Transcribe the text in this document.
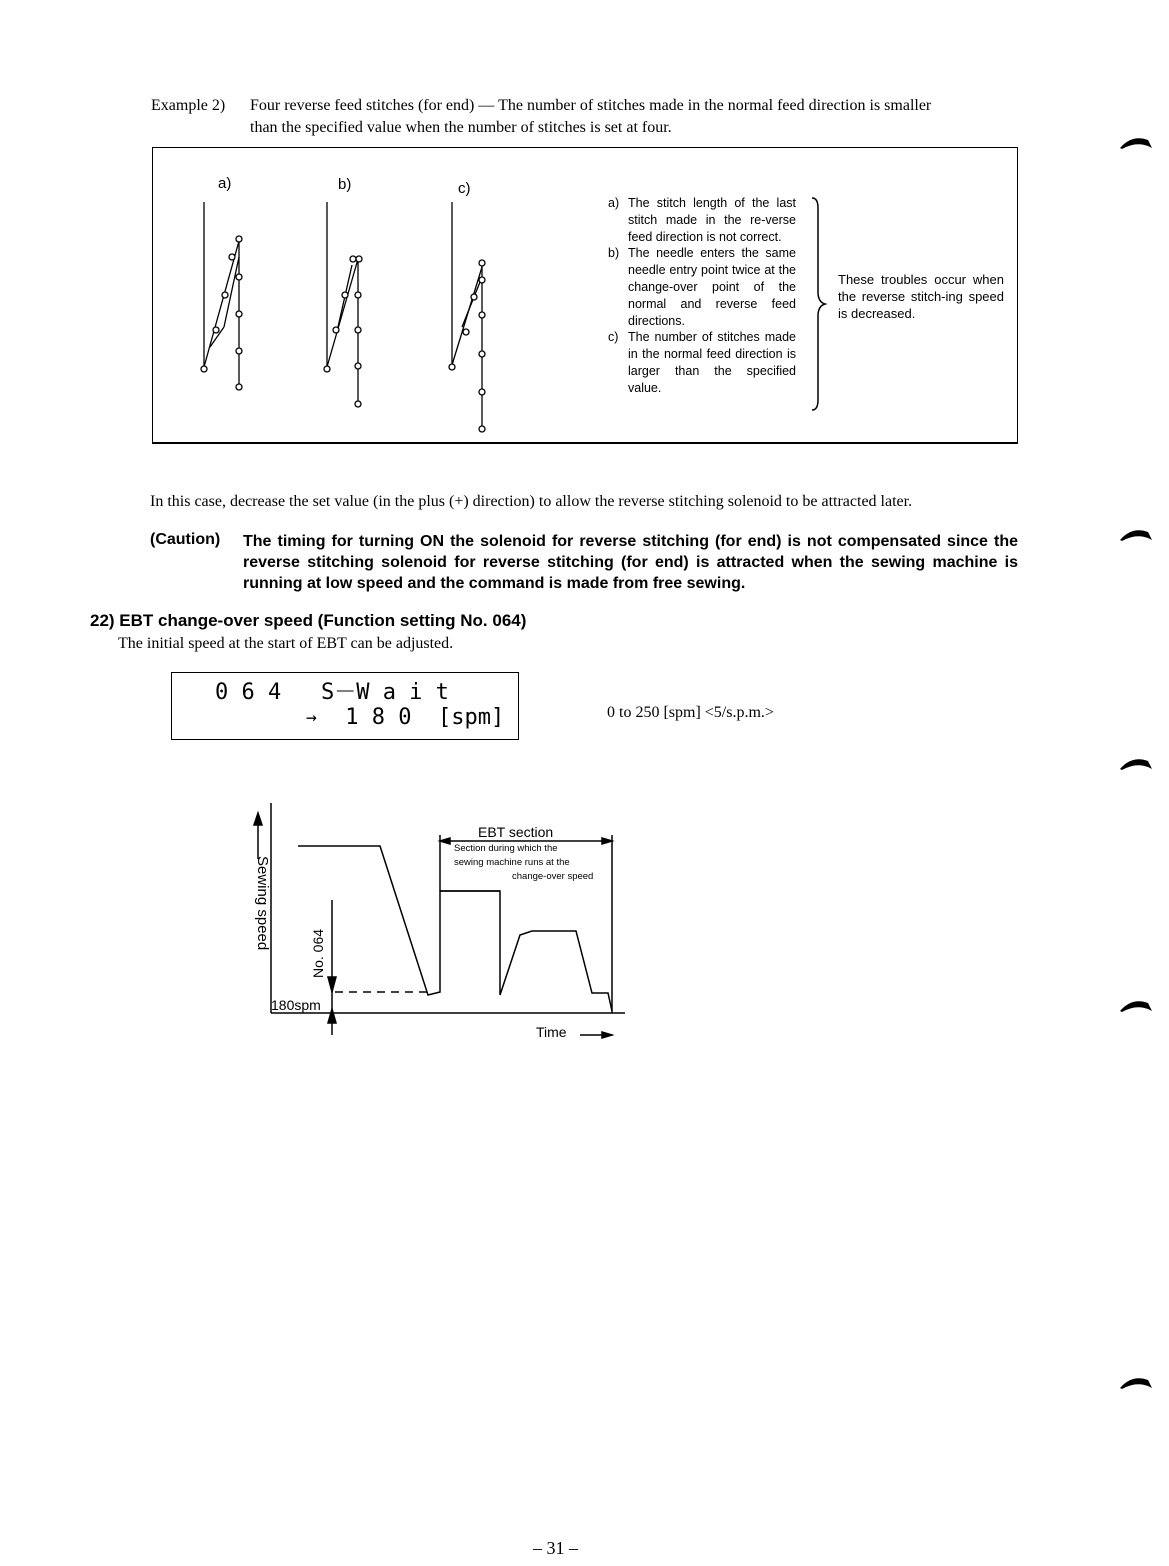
Example 2) Four reverse feed stitches (for end) — The number of stitches made in the normal feed direction is smaller
than the specified value when the number of stitches is set at four.
a)	b)	c)
a) The stitch length of the last stitch made in the re-verse feed direction is not correct.
b) The needle enters the same needle entry point twice at the change-over point of the normal and reverse feed directions.
c) The number of stitches made in the normal feed direction is larger than the specified value.
These troubles occur when the reverse stitch-ing speed is decreased.
In this case, decrease the set value (in the plus (+) direction) to allow the reverse stitching solenoid to be attracted later.
(Caution) The timing for turning ON the solenoid for reverse stitching (for end) is not compensated since the reverse stitching solenoid for reverse stitching (for end) is attracted when the sewing machine is running at low speed and the command is made from free sewing.
22) EBT change-over speed (Function setting No. 064)
The initial speed at the start of EBT can be adjusted.
0 6 4   S－W a i t
→ 1 8 0  [spm]	0 to 250 [spm] <5/s.p.m.>
Sewing speed
EBT section
Section during which the
sewing machine runs at the
change-over speed
No. 064
180spm
Time
– 31 –
